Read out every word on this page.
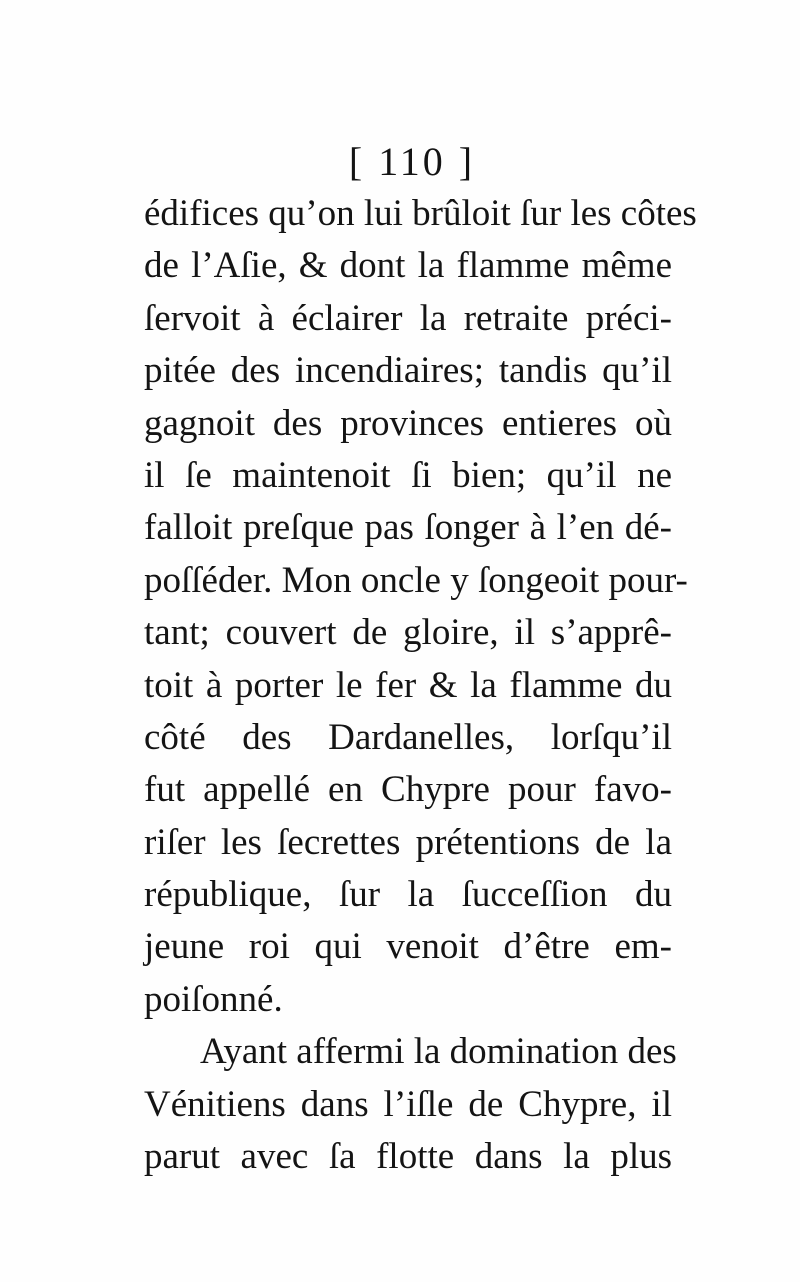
[ 110 ]
édifices qu’on lui brûloit ſur les côtes
de l’Aſie, & dont la flamme même
ſervoit à éclairer la retraite préci-
pitée des incendiaires; tandis qu’il
gagnoit des provinces entieres où
il ſe maintenoit ſi bien; qu’il ne
falloit preſque pas ſonger à l’en dé-
poſſéder. Mon oncle y ſongeoit pour-
tant; couvert de gloire, il s’apprê-
toit à porter le fer & la flamme du
côté des Dardanelles, lorſqu’il
fut appellé en Chypre pour favo-
riſer les ſecrettes prétentions de la
république, ſur la ſucceſſion du
jeune roi qui venoit d’être em-
poiſonné.
Ayant affermi la domination des
Vénitiens dans l’iſle de Chypre, il
parut avec ſa flotte dans la plus
